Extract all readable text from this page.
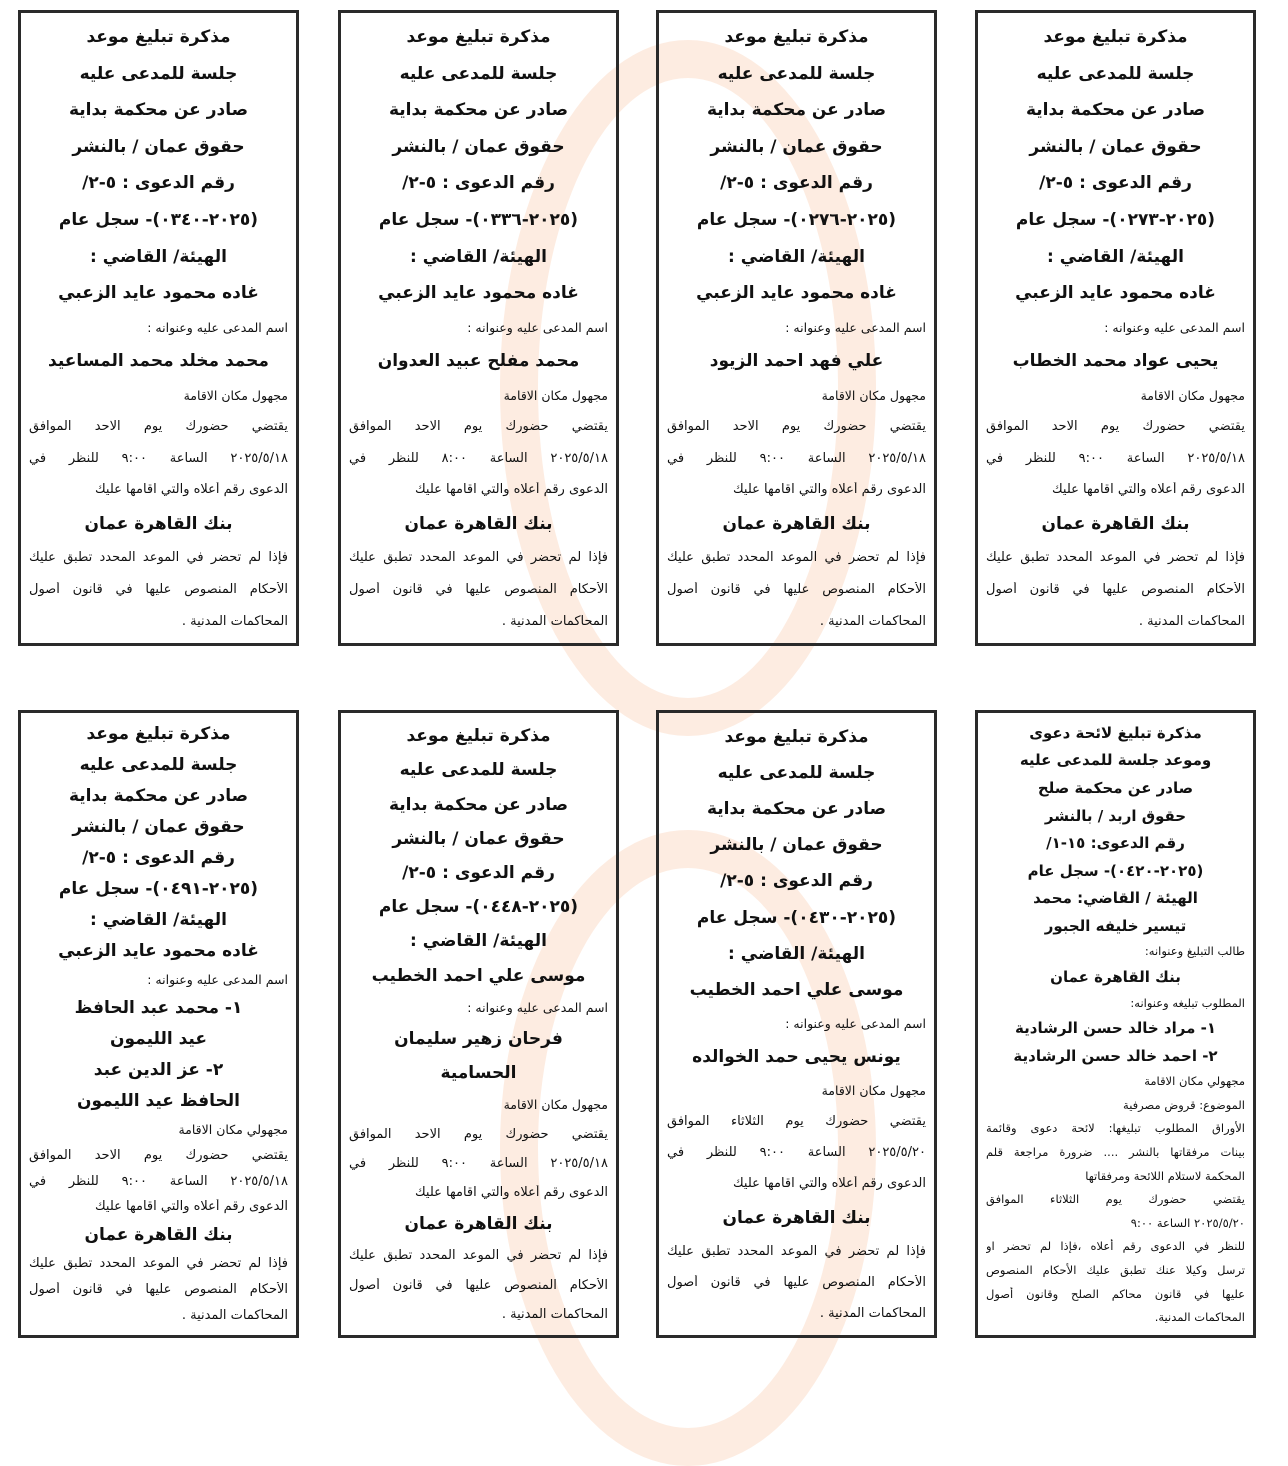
مذكرة تبليغ موعد
جلسة للمدعى عليه
صادر عن محكمة بداية
حقوق عمان / بالنشر
رقم الدعوى : ٥-٢/
(٢٠٢٥-٠٢٧٣)- سجل عام
الهيئة/ القاضي :
غاده محمود عايد الزعبي
اسم المدعى عليه وعنوانه :
يحيى عواد محمد الخطاب
مجهول مكان الاقامة
يقتضي حضورك يوم الاحد الموافق
٢٠٢٥/٥/١٨ الساعة ٩:٠٠ للنظر في
الدعوى رقم أعلاه والتي اقامها عليك
بنك القاهرة عمان
فإذا لم تحضر في الموعد المحدد تطبق عليك
الأحكام المنصوص عليها في قانون أصول
المحاكمات المدنية .
مذكرة تبليغ موعد
جلسة للمدعى عليه
صادر عن محكمة بداية
حقوق عمان / بالنشر
رقم الدعوى : ٥-٢/
(٢٠٢٥-٠٢٧٦)- سجل عام
الهيئة/ القاضي :
غاده محمود عايد الزعبي
اسم المدعى عليه وعنوانه :
علي فهد احمد الزيود
مجهول مكان الاقامة
يقتضي حضورك يوم الاحد الموافق
٢٠٢٥/٥/١٨ الساعة ٩:٠٠ للنظر في
الدعوى رقم أعلاه والتي اقامها عليك
بنك القاهرة عمان
فإذا لم تحضر في الموعد المحدد تطبق عليك
الأحكام المنصوص عليها في قانون أصول
المحاكمات المدنية .
مذكرة تبليغ موعد
جلسة للمدعى عليه
صادر عن محكمة بداية
حقوق عمان / بالنشر
رقم الدعوى : ٥-٢/
(٢٠٢٥-٠٣٣٦)- سجل عام
الهيئة/ القاضي :
غاده محمود عايد الزعبي
اسم المدعى عليه وعنوانه :
محمد مفلح عبيد العدوان
مجهول مكان الاقامة
يقتضي حضورك يوم الاحد الموافق
٢٠٢٥/٥/١٨ الساعة ٨:٠٠ للنظر في
الدعوى رقم أعلاه والتي اقامها عليك
بنك القاهرة عمان
فإذا لم تحضر في الموعد المحدد تطبق عليك
الأحكام المنصوص عليها في قانون أصول
المحاكمات المدنية .
مذكرة تبليغ موعد
جلسة للمدعى عليه
صادر عن محكمة بداية
حقوق عمان / بالنشر
رقم الدعوى : ٥-٢/
(٢٠٢٥-٠٣٤٠)- سجل عام
الهيئة/ القاضي :
غاده محمود عايد الزعبي
اسم المدعى عليه وعنوانه :
محمد مخلد محمد المساعيد
مجهول مكان الاقامة
يقتضي حضورك يوم الاحد الموافق
٢٠٢٥/٥/١٨ الساعة ٩:٠٠ للنظر في
الدعوى رقم أعلاه والتي اقامها عليك
بنك القاهرة عمان
فإذا لم تحضر في الموعد المحدد تطبق عليك
الأحكام المنصوص عليها في قانون أصول
المحاكمات المدنية .
مذكرة تبليغ لائحة دعوى
وموعد جلسة للمدعى عليه
صادر عن محكمة صلح
حقوق اربد / بالنشر
رقم الدعوى: ١٥-١/
(٢٠٢٥-٠٤٢٠)- سجل عام
الهيئة / القاضي: محمد
تيسير خليفه الجبور
طالب التبليغ وعنوانه:
بنك القاهرة عمان
المطلوب تبليغه وعنوانه:
١- مراد خالد حسن الرشادية
٢- احمد خالد حسن الرشادية
مجهولي مكان الاقامة
الموضوع: قروض مصرفية
الأوراق المطلوب تبليغها: لائحة دعوى وقائمة
بينات مرفقاتها بالنشر .... ضرورة مراجعة قلم
المحكمة لاستلام اللائحة ومرفقاتها
يقتضي حضورك يوم الثلاثاء الموافق
٢٠٢٥/٥/٢٠ الساعة ٩:٠٠
للنظر في الدعوى رقم أعلاه ،فإذا لم تحضر او
ترسل وكيلا عنك تطبق عليك الأحكام المنصوص
عليها في قانون محاكم الصلح وقانون أصول
المحاكمات المدنية.
مذكرة تبليغ موعد
جلسة للمدعى عليه
صادر عن محكمة بداية
حقوق عمان / بالنشر
رقم الدعوى : ٥-٢/
(٢٠٢٥-٠٤٣٠)- سجل عام
الهيئة/ القاضي :
موسى علي احمد الخطيب
اسم المدعى عليه وعنوانه :
يونس يحيى حمد الخوالده
مجهول مكان الاقامة
يقتضي حضورك يوم الثلاثاء الموافق
٢٠٢٥/٥/٢٠ الساعة ٩:٠٠ للنظر في
الدعوى رقم أعلاه والتي اقامها عليك
بنك القاهرة عمان
فإذا لم تحضر في الموعد المحدد تطبق عليك
الأحكام المنصوص عليها في قانون أصول
المحاكمات المدنية .
مذكرة تبليغ موعد
جلسة للمدعى عليه
صادر عن محكمة بداية
حقوق عمان / بالنشر
رقم الدعوى : ٥-٢/
(٢٠٢٥-٠٤٤٨)- سجل عام
الهيئة/ القاضي :
موسى علي احمد الخطيب
اسم المدعى عليه وعنوانه :
فرحان زهير سليمان
الحسامية
مجهول مكان الاقامة
يقتضي حضورك يوم الاحد الموافق
٢٠٢٥/٥/١٨ الساعة ٩:٠٠ للنظر في
الدعوى رقم أعلاه والتي اقامها عليك
بنك القاهرة عمان
فإذا لم تحضر في الموعد المحدد تطبق عليك
الأحكام المنصوص عليها في قانون أصول
المحاكمات المدنية .
مذكرة تبليغ موعد
جلسة للمدعى عليه
صادر عن محكمة بداية
حقوق عمان / بالنشر
رقم الدعوى : ٥-٢/
(٢٠٢٥-٠٤٩١)- سجل عام
الهيئة/ القاضي :
غاده محمود عايد الزعبي
اسم المدعى عليه وعنوانه :
١- محمد عبد الحافظ
عيد الليمون
٢- عز الدين عبد
الحافظ عيد الليمون
مجهولي مكان الاقامة
يقتضي حضورك يوم الاحد الموافق
٢٠٢٥/٥/١٨ الساعة ٩:٠٠ للنظر في
الدعوى رقم أعلاه والتي اقامها عليك
بنك القاهرة عمان
فإذا لم تحضر في الموعد المحدد تطبق عليك
الأحكام المنصوص عليها في قانون أصول
المحاكمات المدنية .
